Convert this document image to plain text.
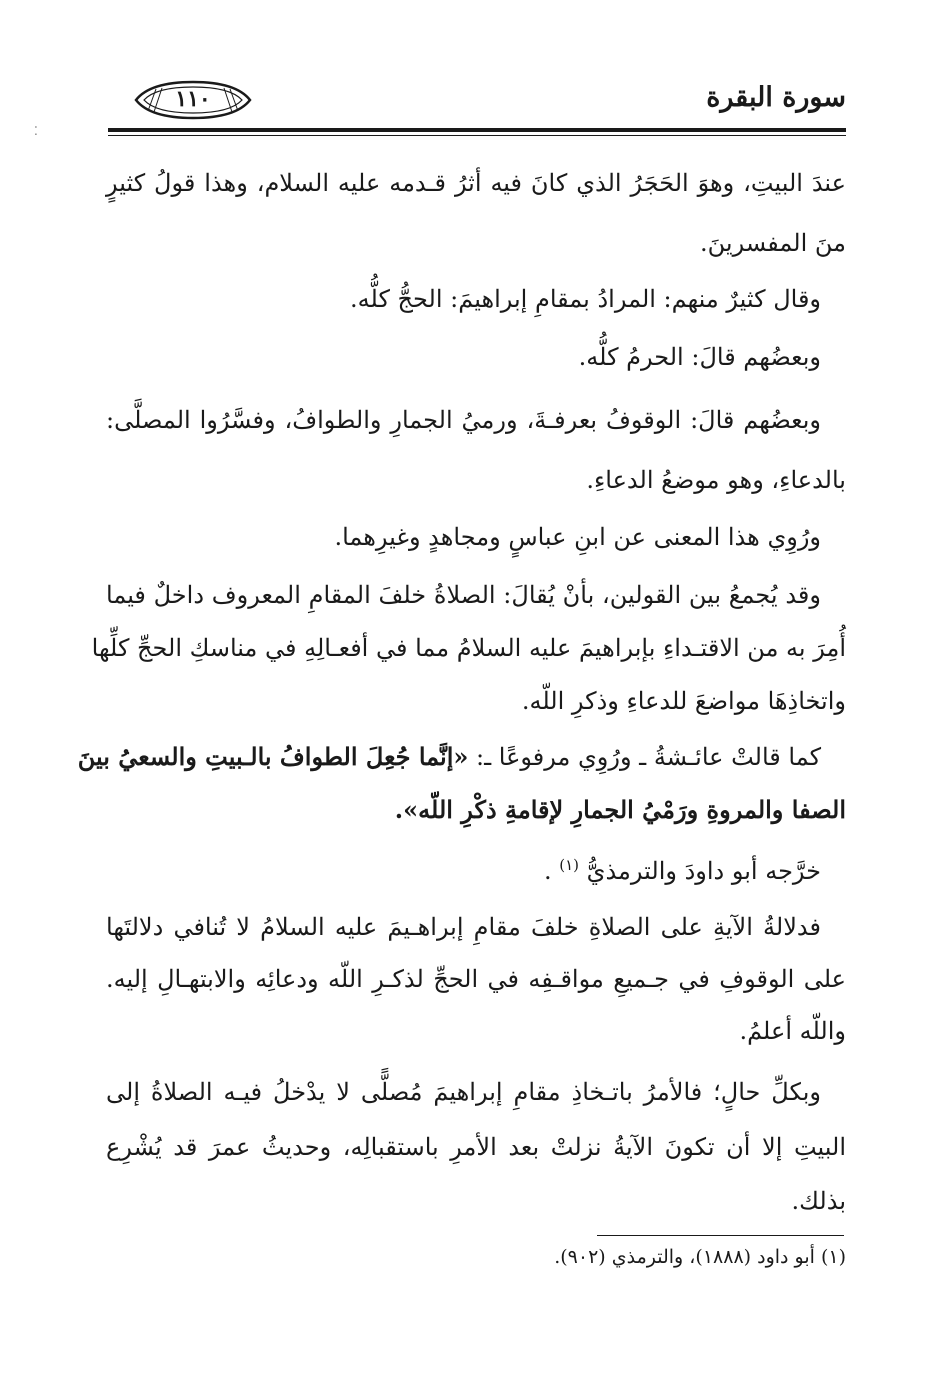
سورة البقرة
١١٠
⁚
عندَ البيتِ، وهوَ الحَجَرُ الذي كانَ فيه أثرُ قـدمه عليه السلام، وهذا قولُ كثيرٍ
منَ المفسرينَ.
وقال كثيرٌ منهم: المرادُ بمقامِ إبراهيمَ: الحجُّ كلُّه.
وبعضُهم قالَ: الحرمُ كلُّه.
وبعضُهم قالَ: الوقوفُ بعرفـةَ، ورميُ الجمارِ والطوافُ، وفسَّرُوا المصلَّى:
بالدعاءِ، وهو موضعُ الدعاءِ.
ورُوِي هذا المعنى عن ابنِ عباسٍ ومجاهدٍ وغيرِهما.
وقد يُجمعُ بين القولين، بأنْ يُقالَ: الصلاةُ خلفَ المقامِ المعروف داخلٌ فيما
أُمِرَ به من الاقتـداءِ بإبراهيمَ عليه السلامُ مما في أفعـالِهِ في مناسكِ الحجِّ كلِّها
واتخاذِهَا مواضعَ للدعاءِ وذكرِ اللّه.
كما قالتْ عائـشةُ ـ ورُوِي مرفوعًا ـ: «إنَّما جُعِلَ الطوافُ بالـبيتِ والسعيُ بينَ
الصفا والمروةِ ورَمْيُ الجمارِ لإقامةِ ذكْرِ اللّه».
خرَّجه أبو داودَ والترمذيُّ $^{(١)}$ .
فدلالةُ الآيةِ على الصلاةِ خلفَ مقامِ إبراهـيمَ عليه السلامُ لا تُنافي دلالتَها
على الوقوفِ في جـميعِ مواقـفِه في الحجِّ لذكـرِ اللّه ودعائِه والابتهـالِ إليه.
واللّه أعلمُ.
وبكلِّ حالٍ؛ فالأمرُ باتـخاذِ مقامِ إبراهيمَ مُصلًّى لا يدْخلُ فيـه الصلاةُ إلى
البيتِ إلا أن تكونَ الآيةُ نزلتْ بعد الأمرِ باستقبالِه، وحديثُ عمرَ قد يُشْرِع
بذلك.
(١) أبو داود (١٨٨٨)، والترمذي (٩٠٢).
